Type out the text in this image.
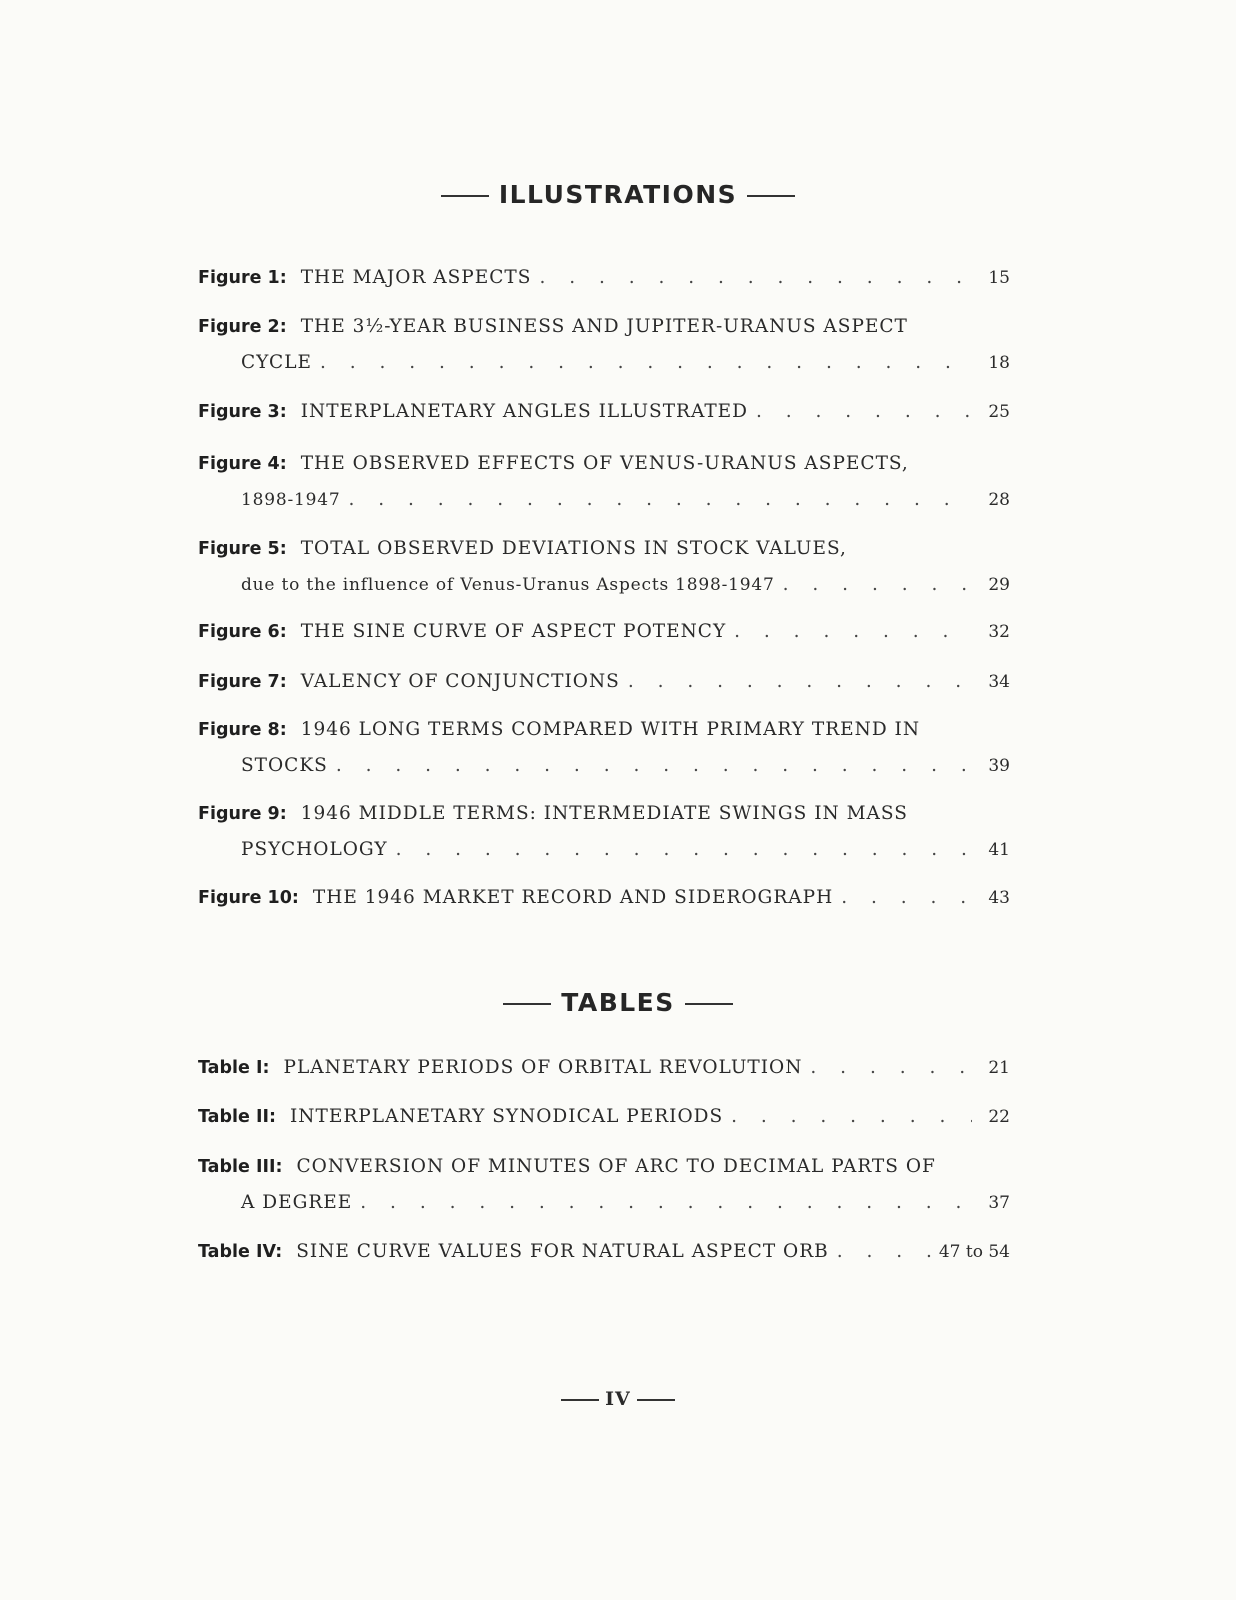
ILLUSTRATIONS
Figure 1: THE MAJOR ASPECTS . . .	15
Figure 2: THE 3½-YEAR BUSINESS AND JUPITER-URANUS ASPECT
CYCLE . . .	18
Figure 3: INTERPLANETARY ANGLES ILLUSTRATED . . .	25
Figure 4: THE OBSERVED EFFECTS OF VENUS-URANUS ASPECTS,
1898-1947 . . .	28
Figure 5: TOTAL OBSERVED DEVIATIONS IN STOCK VALUES,
due to the influence of Venus-Uranus Aspects 1898-1947 . . .	29
Figure 6: THE SINE CURVE OF ASPECT POTENCY . . .	32
Figure 7: VALENCY OF CONJUNCTIONS . . .	34
Figure 8: 1946 LONG TERMS COMPARED WITH PRIMARY TREND IN
STOCKS . . .	39
Figure 9: 1946 MIDDLE TERMS: INTERMEDIATE SWINGS IN MASS
PSYCHOLOGY . . .	41
Figure 10: THE 1946 MARKET RECORD AND SIDEROGRAPH . . .	43
TABLES
Table I: PLANETARY PERIODS OF ORBITAL REVOLUTION . . .	21
Table II: INTERPLANETARY SYNODICAL PERIODS . . .	22
Table III: CONVERSION OF MINUTES OF ARC TO DECIMAL PARTS OF
A DEGREE . . .	37
Table IV: SINE CURVE VALUES FOR NATURAL ASPECT ORB . . .	47 to 54
IV
